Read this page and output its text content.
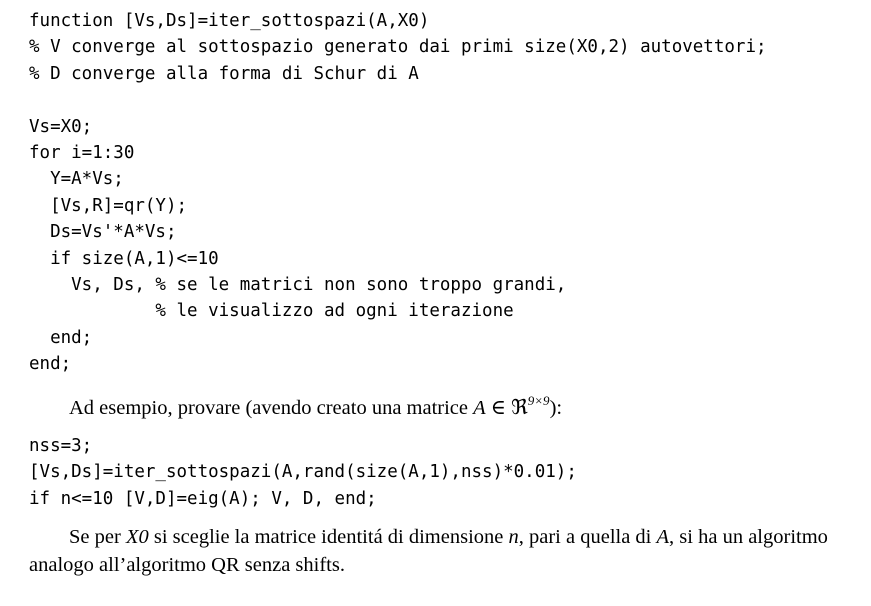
function [Vs,Ds]=iter_sottospazi(A,X0)
% V converge al sottospazio generato dai primi size(X0,2) autovettori;
% D converge alla forma di Schur di A

Vs=X0;
for i=1:30
Y=A*Vs;
[Vs,R]=qr(Y);
Ds=Vs'*A*Vs;
if size(A,1)<=10
Vs, Ds, % se le matrici non sono troppo grandi,
% le visualizzo ad ogni iterazione
end;
end;

Ad esempio, provare (avendo creato una matrice A ∈ ℜ$^{9\times 9}$):

nss=3;
[Vs,Ds]=iter_sottospazi(A,rand(size(A,1),nss)*0.01);
if n<=10 [V,D]=eig(A); V, D, end;

Se per X0 si sceglie la matrice identitá di dimensione n, pari a quella di A, si ha un algoritmo analogo all’algoritmo QR senza shifts.
